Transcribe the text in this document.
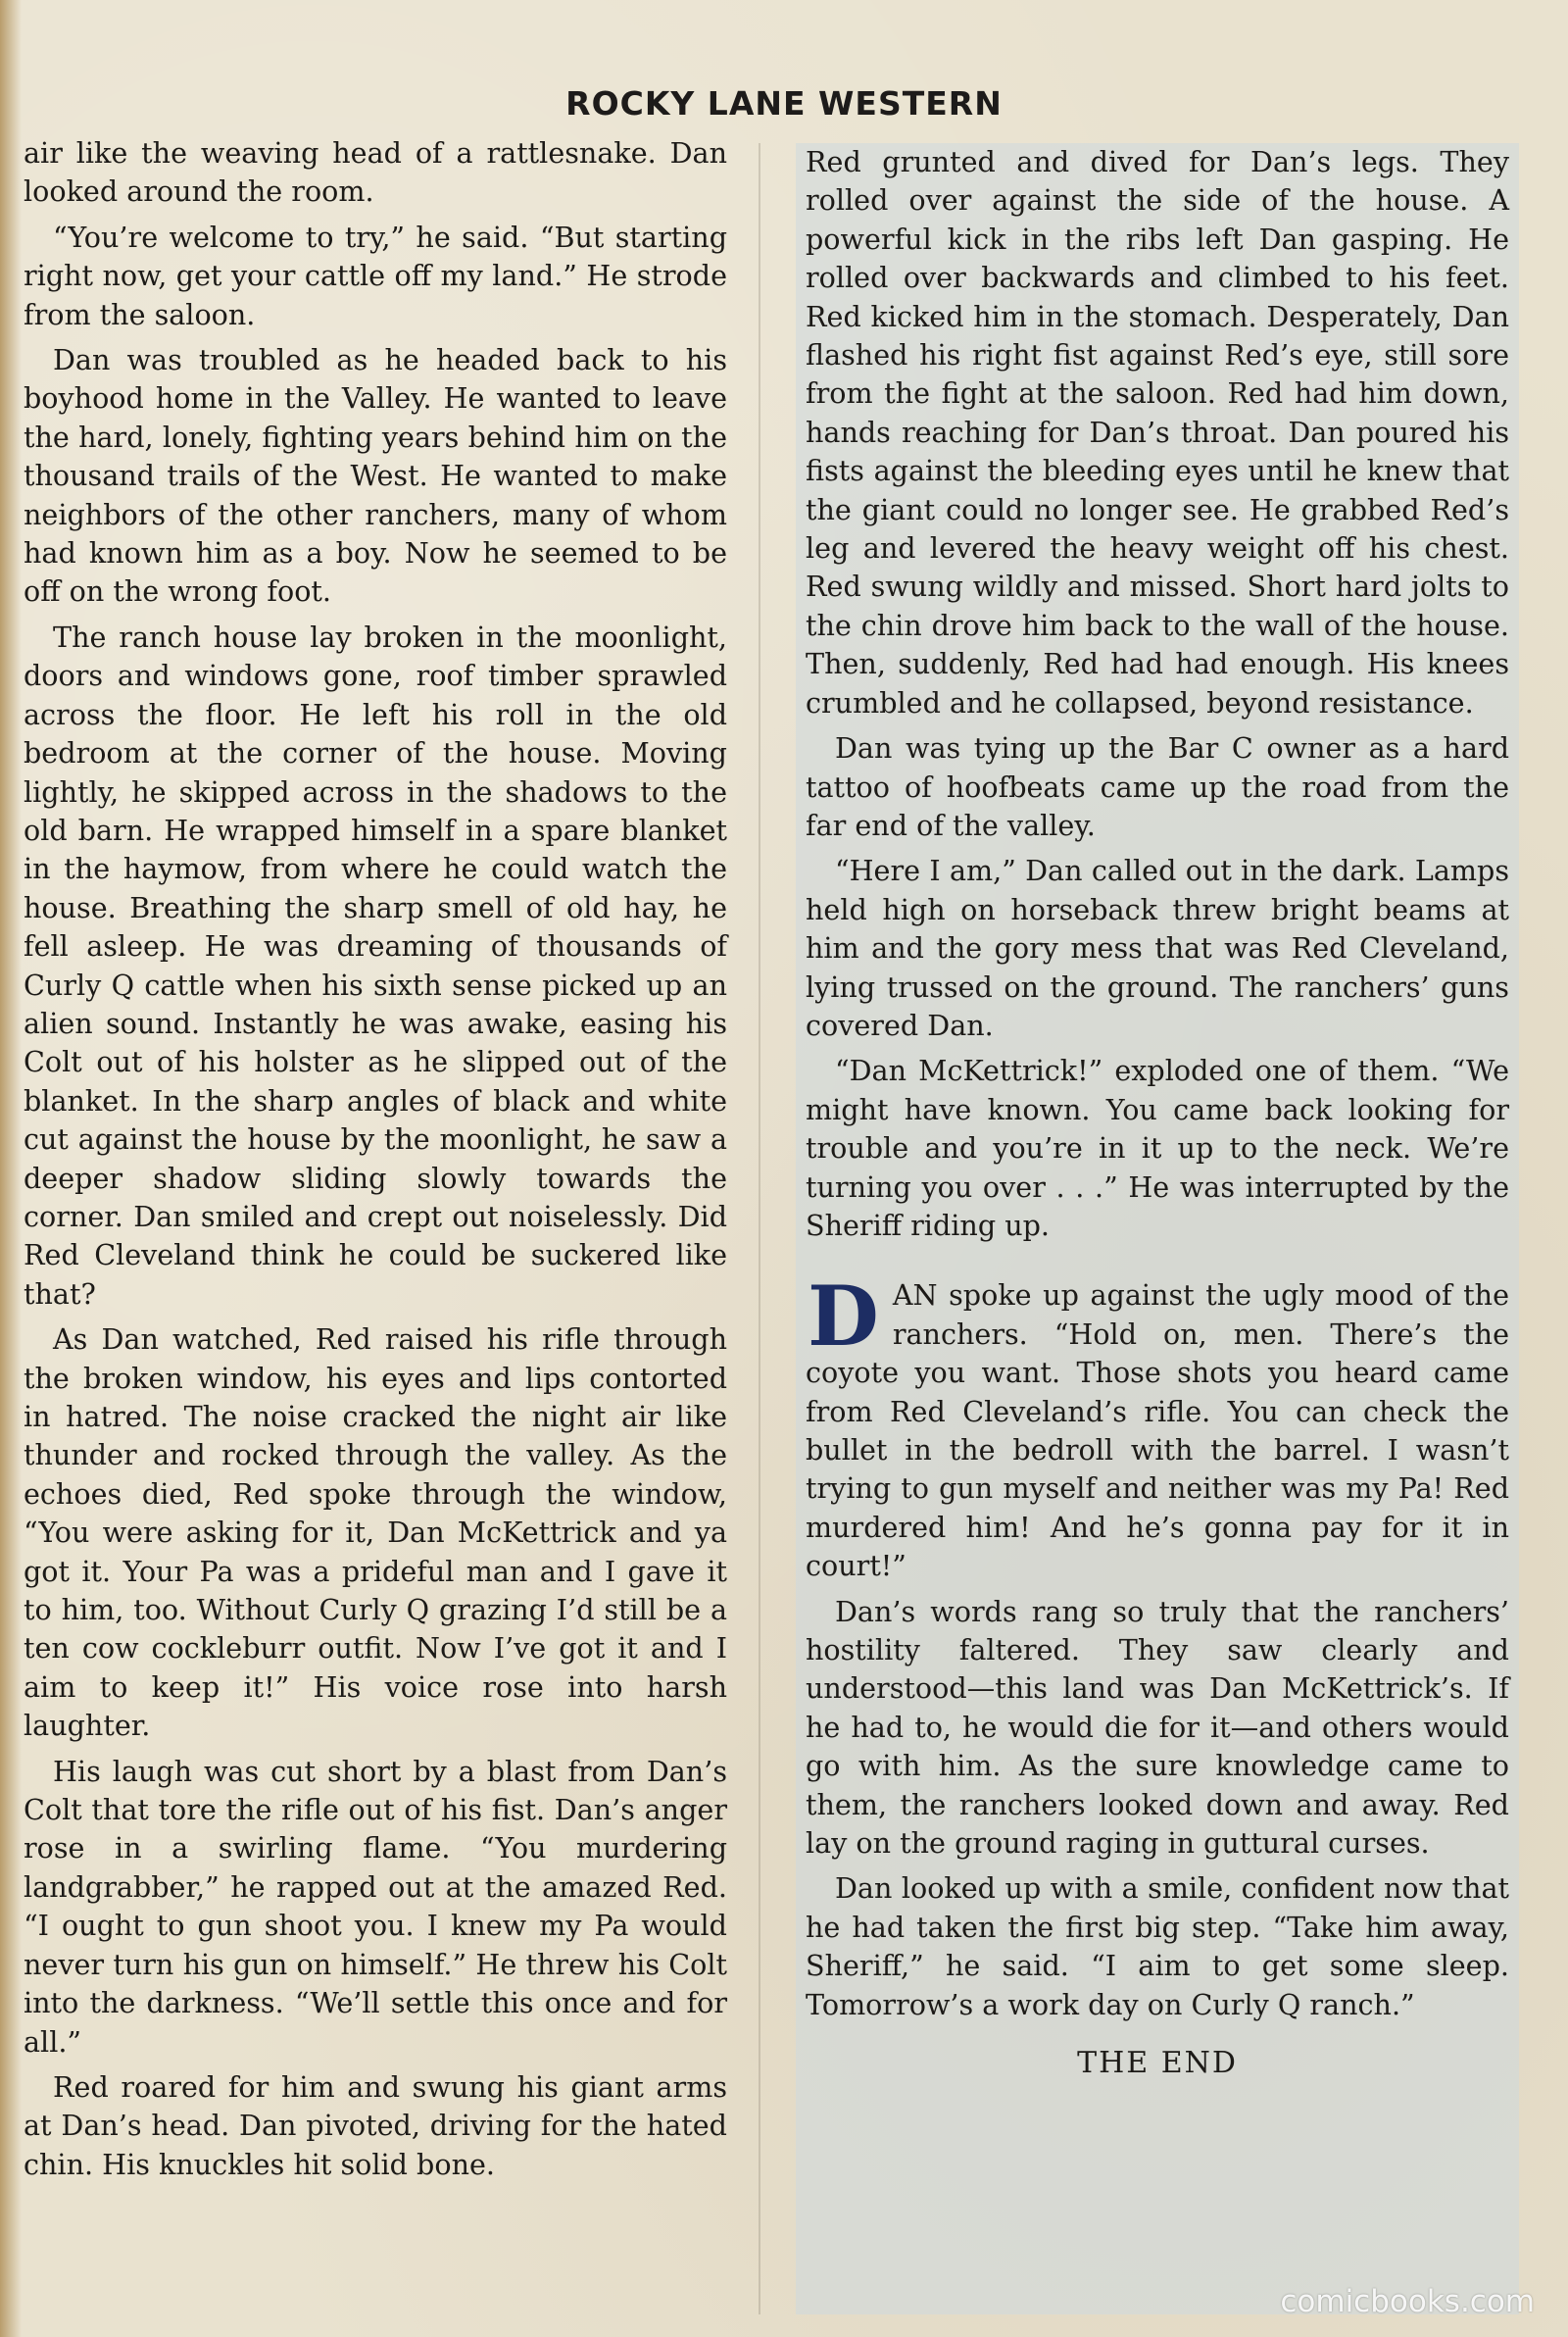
ROCKY LANE WESTERN

air like the weaving head of a rattlesnake. Dan looked around the room.

“You’re welcome to try,” he said. “But starting right now, get your cattle off my land.” He strode from the saloon.

Dan was troubled as he headed back to his boyhood home in the Valley. He wanted to leave the hard, lonely, fighting years behind him on the thousand trails of the West. He wanted to make neighbors of the other ranchers, many of whom had known him as a boy. Now he seemed to be off on the wrong foot.

The ranch house lay broken in the moonlight, doors and windows gone, roof timber sprawled across the floor. He left his roll in the old bedroom at the corner of the house. Moving lightly, he skipped across in the shadows to the old barn. He wrapped himself in a spare blanket in the haymow, from where he could watch the house. Breathing the sharp smell of old hay, he fell asleep. He was dreaming of thousands of Curly Q cattle when his sixth sense picked up an alien sound. Instantly he was awake, easing his Colt out of his holster as he slipped out of the blanket. In the sharp angles of black and white cut against the house by the moonlight, he saw a deeper shadow sliding slowly towards the corner. Dan smiled and crept out noiselessly. Did Red Cleveland think he could be suckered like that?

As Dan watched, Red raised his rifle through the broken window, his eyes and lips contorted in hatred. The noise cracked the night air like thunder and rocked through the valley. As the echoes died, Red spoke through the window, “You were asking for it, Dan McKettrick and ya got it. Your Pa was a prideful man and I gave it to him, too. Without Curly Q grazing I’d still be a ten cow cockleburr outfit. Now I’ve got it and I aim to keep it!” His voice rose into harsh laughter.

His laugh was cut short by a blast from Dan’s Colt that tore the rifle out of his fist. Dan’s anger rose in a swirling flame. “You murdering landgrabber,” he rapped out at the amazed Red. “I ought to gun shoot you. I knew my Pa would never turn his gun on himself.” He threw his Colt into the darkness. “We’ll settle this once and for all.”

Red roared for him and swung his giant arms at Dan’s head. Dan pivoted, driving for the hated chin. His knuckles hit solid bone.

Red grunted and dived for Dan’s legs. They rolled over against the side of the house. A powerful kick in the ribs left Dan gasping. He rolled over backwards and climbed to his feet. Red kicked him in the stomach. Desperately, Dan flashed his right fist against Red’s eye, still sore from the fight at the saloon. Red had him down, hands reaching for Dan’s throat. Dan poured his fists against the bleeding eyes until he knew that the giant could no longer see. He grabbed Red’s leg and levered the heavy weight off his chest. Red swung wildly and missed. Short hard jolts to the chin drove him back to the wall of the house. Then, suddenly, Red had had enough. His knees crumbled and he collapsed, beyond resistance.

Dan was tying up the Bar C owner as a hard tattoo of hoofbeats came up the road from the far end of the valley.

“Here I am,” Dan called out in the dark. Lamps held high on horseback threw bright beams at him and the gory mess that was Red Cleveland, lying trussed on the ground. The ranchers’ guns covered Dan.

“Dan McKettrick!” exploded one of them. “We might have known. You came back looking for trouble and you’re in it up to the neck. We’re turning you over . . .” He was interrupted by the Sheriff riding up.

DAN spoke up against the ugly mood of the ranchers. “Hold on, men. There’s the coyote you want. Those shots you heard came from Red Cleveland’s rifle. You can check the bullet in the bedroll with the barrel. I wasn’t trying to gun myself and neither was my Pa! Red murdered him! And he’s gonna pay for it in court!”

Dan’s words rang so truly that the ranchers’ hostility faltered. They saw clearly and understood—this land was Dan McKettrick’s. If he had to, he would die for it—and others would go with him. As the sure knowledge came to them, the ranchers looked down and away. Red lay on the ground raging in guttural curses.

Dan looked up with a smile, confident now that he had taken the first big step. “Take him away, Sheriff,” he said. “I aim to get some sleep. Tomorrow’s a work day on Curly Q ranch.”

THE END
comicbooks.com
